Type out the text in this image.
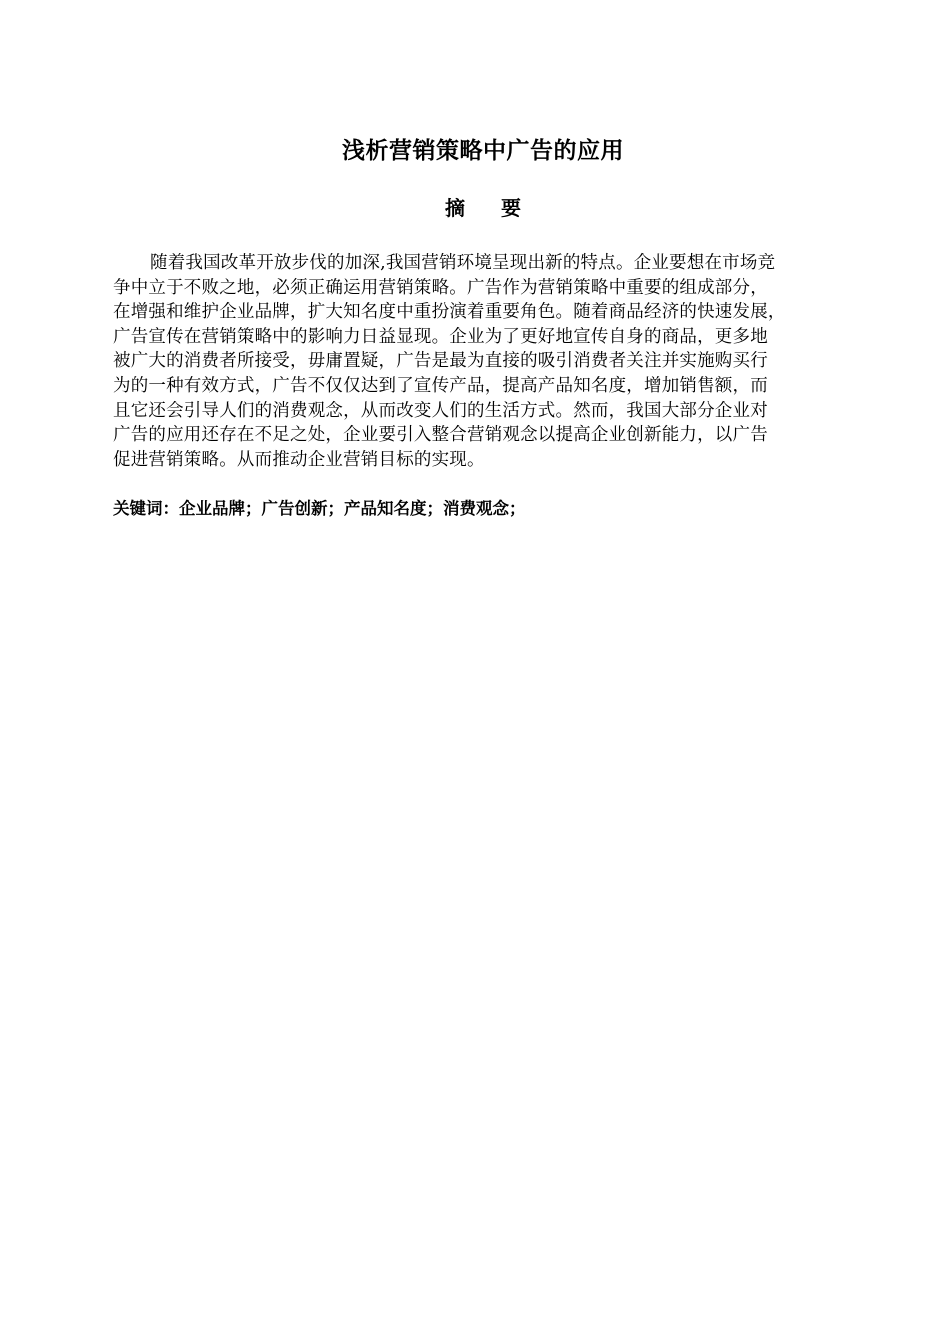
浅析营销策略中广告的应用
摘 要
随着我国改革开放步伐的加深,我国营销环境呈现出新的特点。企业要想在市场竞
争中立于不败之地，必须正确运用营销策略。广告作为营销策略中重要的组成部分，
在增强和维护企业品牌，扩大知名度中重扮演着重要角色。随着商品经济的快速发展，
广告宣传在营销策略中的影响力日益显现。企业为了更好地宣传自身的商品，更多地
被广大的消费者所接受，毋庸置疑，广告是最为直接的吸引消费者关注并实施购买行
为的一种有效方式，广告不仅仅达到了宣传产品，提高产品知名度，增加销售额，而
且它还会引导人们的消费观念，从而改变人们的生活方式。然而，我国大部分企业对
广告的应用还存在不足之处，企业要引入整合营销观念以提高企业创新能力，以广告
促进营销策略。从而推动企业营销目标的实现。

关键词：企业品牌；广告创新；产品知名度；消费观念；
